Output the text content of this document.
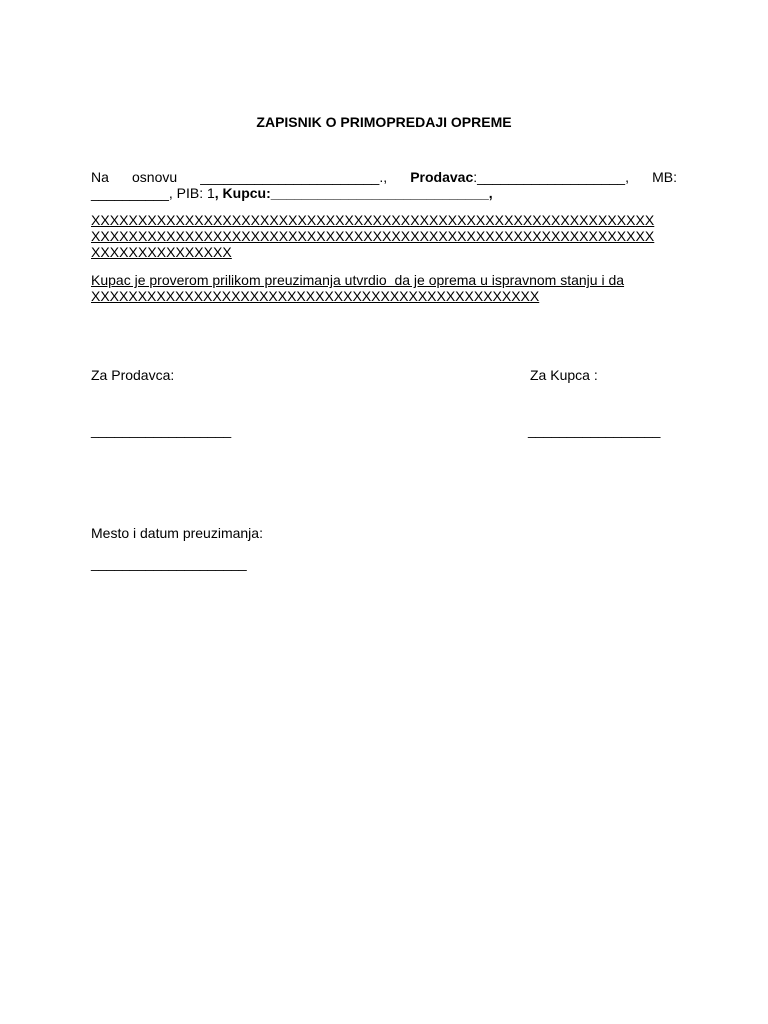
ZAPISNIK O PRIMOPREDAJI OPREME
Na osnovu _______________________., Prodavac:___________________, MB:
__________, PIB: 1, Kupcu:____________________________,
XXXXXXXXXXXXXXXXXXXXXXXXXXXXXXXXXXXXXXXXXXXXXXXXXXXXXXXXXXXX
XXXXXXXXXXXXXXXXXXXXXXXXXXXXXXXXXXXXXXXXXXXXXXXXXXXXXXXXXXXX
XXXXXXXXXXXXXXX
Kupac je proverom prilikom preuzimanja utvrdio  da je oprema u ispravnom stanju i da
XXXXXXXXXXXXXXXXXXXXXXXXXXXXXXXXXXXXXXXXXXXXXXXX
Za Prodavca:	Za Kupca :
__________________	_________________
Mesto i datum preuzimanja:
____________________
